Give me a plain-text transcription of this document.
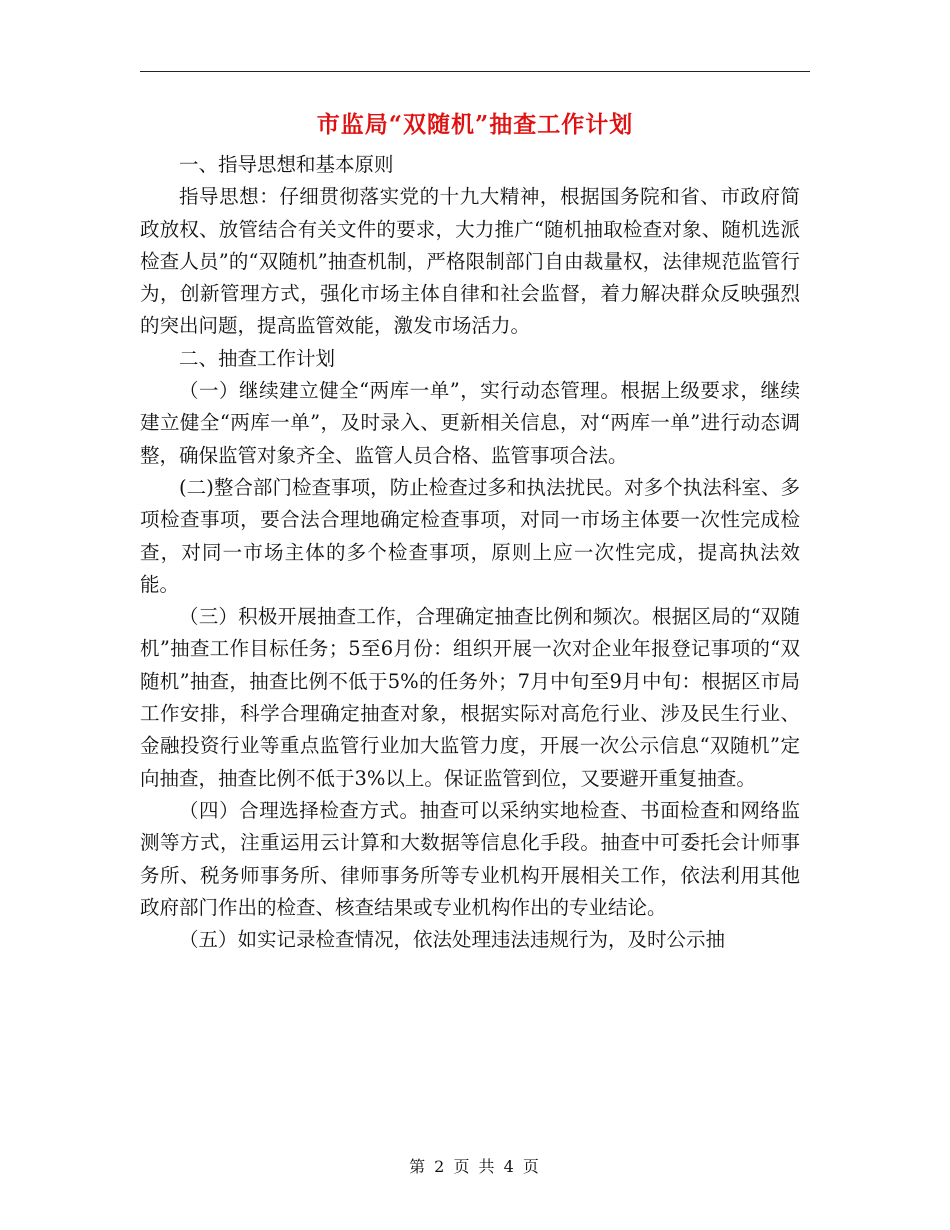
市监局“双随机”抽查工作计划

一、指导思想和基本原则

指导思想：仔细贯彻落实党的十九大精神，根据国务院和省、市政府简政放权、放管结合有关文件的要求，大力推广“随机抽取检查对象、随机选派检查人员”的“双随机”抽查机制，严格限制部门自由裁量权，法律规范监管行为，创新管理方式，强化市场主体自律和社会监督，着力解决群众反映强烈的突出问题，提高监管效能，激发市场活力。

二、抽查工作计划

（一）继续建立健全“两库一单”，实行动态管理。根据上级要求，继续建立健全“两库一单”，及时录入、更新相关信息，对“两库一单”进行动态调整，确保监管对象齐全、监管人员合格、监管事项合法。

(二)整合部门检查事项，防止检查过多和执法扰民。对多个执法科室、多项检查事项，要合法合理地确定检查事项，对同一市场主体要一次性完成检查，对同一市场主体的多个检查事项，原则上应一次性完成，提高执法效能。

（三）积极开展抽查工作，合理确定抽查比例和频次。根据区局的“双随机”抽查工作目标任务；5至6月份：组织开展一次对企业年报登记事项的“双随机”抽查，抽查比例不低于5%的任务外；7月中旬至9月中旬：根据区市局工作安排，科学合理确定抽查对象，根据实际对高危行业、涉及民生行业、金融投资行业等重点监管行业加大监管力度，开展一次公示信息“双随机”定向抽查，抽查比例不低于3%以上。保证监管到位，又要避开重复抽查。

（四）合理选择检查方式。抽查可以采纳实地检查、书面检查和网络监测等方式，注重运用云计算和大数据等信息化手段。抽查中可委托会计师事务所、税务师事务所、律师事务所等专业机构开展相关工作，依法利用其他政府部门作出的检查、核查结果或专业机构作出的专业结论。

（五）如实记录检查情况，依法处理违法违规行为，及时公示抽

第 2 页 共 4 页
